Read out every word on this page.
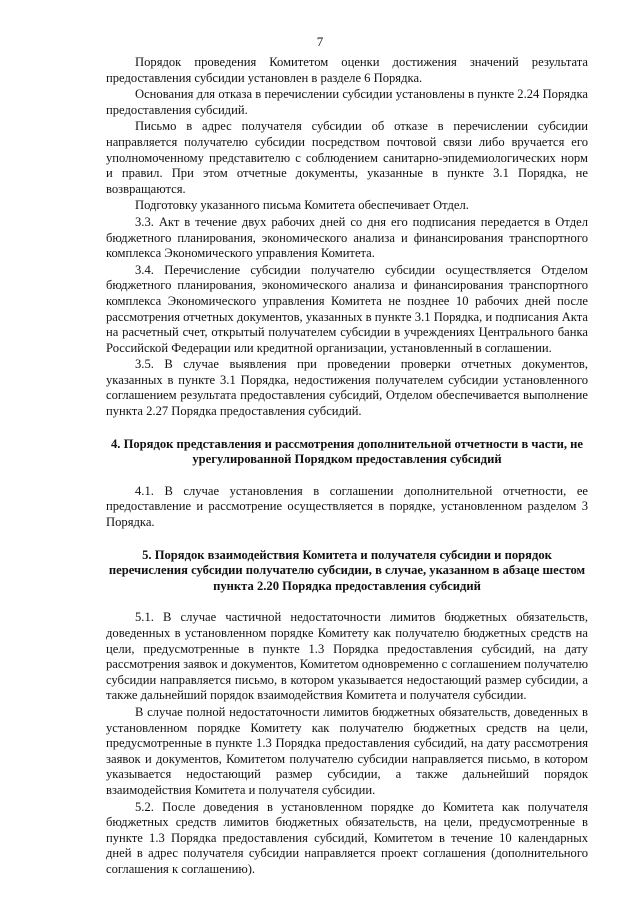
7

Порядок проведения Комитетом оценки достижения значений результата предоставления субсидии установлен в разделе 6 Порядка.

Основания для отказа в перечислении субсидии установлены в пункте 2.24 Порядка предоставления субсидий.

Письмо в адрес получателя субсидии об отказе в перечислении субсидии направляется получателю субсидии посредством почтовой связи либо вручается его уполномоченному представителю с соблюдением санитарно-эпидемиологических норм и правил. При этом отчетные документы, указанные в пункте 3.1 Порядка, не возвращаются.

Подготовку указанного письма Комитета обеспечивает Отдел.

3.3. Акт в течение двух рабочих дней со дня его подписания передается в Отдел бюджетного планирования, экономического анализа и финансирования транспортного комплекса Экономического управления Комитета.

3.4. Перечисление субсидии получателю субсидии осуществляется Отделом бюджетного планирования, экономического анализа и финансирования транспортного комплекса Экономического управления Комитета не позднее 10 рабочих дней после рассмотрения отчетных документов, указанных в пункте 3.1 Порядка, и подписания Акта на расчетный счет, открытый получателем субсидии в учреждениях Центрального банка Российской Федерации или кредитной организации, установленный в соглашении.

3.5. В случае выявления при проведении проверки отчетных документов, указанных в пункте 3.1 Порядка, недостижения получателем субсидии установленного соглашением результата предоставления субсидий, Отделом обеспечивается выполнение пункта 2.27 Порядка предоставления субсидий.

4. Порядок представления и рассмотрения дополнительной отчетности в части, не урегулированной Порядком предоставления субсидий

4.1. В случае установления в соглашении дополнительной отчетности, ее предоставление и рассмотрение осуществляется в порядке, установленном разделом 3 Порядка.

5. Порядок взаимодействия Комитета и получателя субсидии и порядок перечисления субсидии получателю субсидии, в случае, указанном в абзаце шестом пункта 2.20 Порядка предоставления субсидий

5.1. В случае частичной недостаточности лимитов бюджетных обязательств, доведенных в установленном порядке Комитету как получателю бюджетных средств на цели, предусмотренные в пункте 1.3 Порядка предоставления субсидий, на дату рассмотрения заявок и документов, Комитетом одновременно с соглашением получателю субсидии направляется письмо, в котором указывается недостающий размер субсидии, а также дальнейший порядок взаимодействия Комитета и получателя субсидии.

В случае полной недостаточности лимитов бюджетных обязательств, доведенных в установленном порядке Комитету как получателю бюджетных средств на цели, предусмотренные в пункте 1.3 Порядка предоставления субсидий, на дату рассмотрения заявок и документов, Комитетом получателю субсидии направляется письмо, в котором указывается недостающий размер субсидии, а также дальнейший порядок взаимодействия Комитета и получателя субсидии.

5.2. После доведения в установленном порядке до Комитета как получателя бюджетных средств лимитов бюджетных обязательств, на цели, предусмотренные в пункте 1.3 Порядка предоставления субсидий, Комитетом в течение 10 календарных дней в адрес получателя субсидии направляется проект соглашения (дополнительного соглашения к соглашению).
